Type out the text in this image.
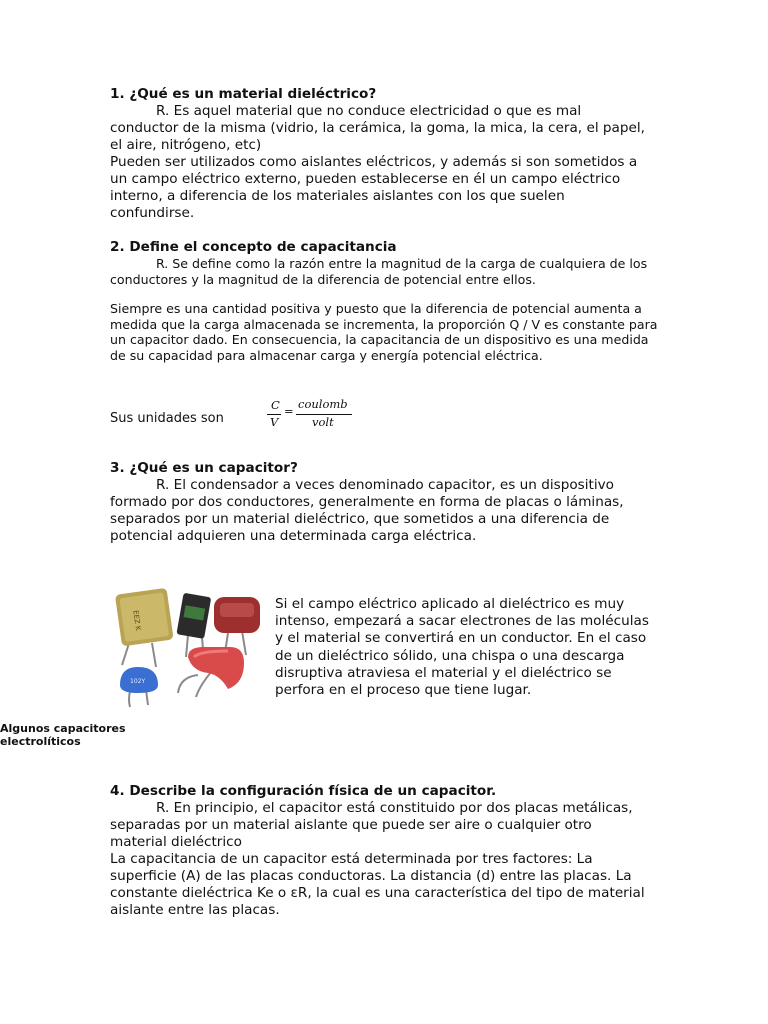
1. ¿Qué es un material dieléctrico?

R. Es aquel material que no conduce electricidad o que es mal conductor de la misma (vidrio, la cerámica, la goma, la mica, la cera, el papel, el aire, nitrógeno, etc)

Pueden ser utilizados como aislantes eléctricos, y además si son sometidos a un campo eléctrico externo, pueden establecerse en él un campo eléctrico interno, a diferencia de los materiales aislantes con los que suelen confundirse.

2. Define el concepto de capacitancia

R. Se define como la razón entre la magnitud de la carga de cualquiera de los conductores y la magnitud de la diferencia de potencial entre ellos.

Siempre es una cantidad positiva y puesto que la diferencia de potencial aumenta a medida que la carga almacenada se incrementa, la proporción Q / V es constante para un capacitor dado. En consecuencia, la capacitancia de un dispositivo es una medida de su capacidad para almacenar carga y energía potencial eléctrica.

Sus unidades son
C
V
= coulomb
volt

3. ¿Qué es un capacitor?

R. El condensador a veces denominado capacitor, es un dispositivo formado por dos conductores, generalmente en forma de placas o láminas, separados por un material dieléctrico, que sometidos a una diferencia de potencial adquieren una determinada carga eléctrica.

EEZ K
102Y
Si el campo eléctrico aplicado al dieléctrico es muy intenso, empezará a sacar electrones de las moléculas y el material se convertirá en un conductor. En el caso de un dieléctrico sólido, una chispa o una descarga disruptiva atraviesa el material y el dieléctrico se perfora en el proceso que tiene lugar.
Algunos capacitores electrolíticos

4. Describe la configuración física de un capacitor.

R. En principio, el capacitor está constituido por dos placas metálicas, separadas por un material aislante que puede ser aire o cualquier otro material dieléctrico

La capacitancia de un capacitor está determinada por tres factores: La superficie (A) de las placas conductoras. La distancia (d) entre las placas. La constante dieléctrica Ke o εR, la cual es una característica del tipo de material aislante entre las placas.
